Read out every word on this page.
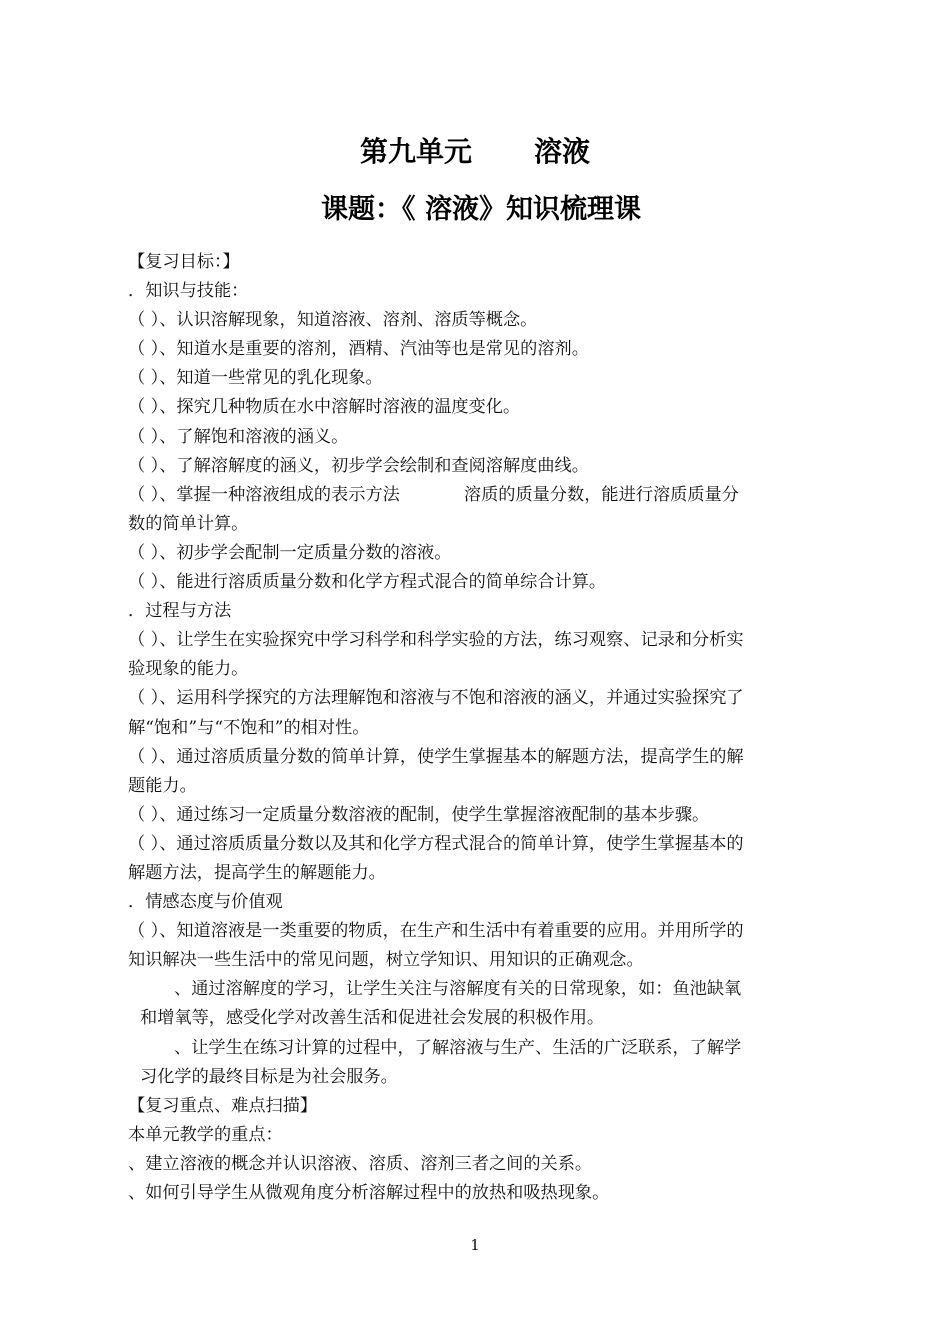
第九单元 溶液
课题：《 溶液》知识梳理课
【复习目标：】
．知识与技能：
（ ）、认识溶解现象，知道溶液、溶剂、溶质等概念。
（ ）、知道水是重要的溶剂，酒精、汽油等也是常见的溶剂。
（ ）、知道一些常见的乳化现象。
（ ）、探究几种物质在水中溶解时溶液的温度变化。
（ ）、了解饱和溶液的涵义。
（ ）、了解溶解度的涵义，初步学会绘制和查阅溶解度曲线。
（ ）、掌握一种溶液组成的表示方法	溶质的质量分数，能进行溶质质量分
数的简单计算。
（ ）、初步学会配制一定质量分数的溶液。
（ ）、能进行溶质质量分数和化学方程式混合的简单综合计算。
．过程与方法
（ ）、让学生在实验探究中学习科学和科学实验的方法，练习观察、记录和分析实
验现象的能力。
（ ）、运用科学探究的方法理解饱和溶液与不饱和溶液的涵义，并通过实验探究了
解“饱和”与“不饱和”的相对性。
（ ）、通过溶质质量分数的简单计算，使学生掌握基本的解题方法，提高学生的解
题能力。
（ ）、通过练习一定质量分数溶液的配制，使学生掌握溶液配制的基本步骤。
（ ）、通过溶质质量分数以及其和化学方程式混合的简单计算，使学生掌握基本的
解题方法，提高学生的解题能力。
．情感态度与价值观
（ ）、知道溶液是一类重要的物质，在生产和生活中有着重要的应用。并用所学的
知识解决一些生活中的常见问题，树立学知识、用知识的正确观念。
、通过溶解度的学习，让学生关注与溶解度有关的日常现象，如：鱼池缺氧
和增氧等，感受化学对改善生活和促进社会发展的积极作用。
、让学生在练习计算的过程中，了解溶液与生产、生活的广泛联系，了解学
习化学的最终目标是为社会服务。
【复习重点、难点扫描】
本单元教学的重点：
、建立溶液的概念并认识溶液、溶质、溶剂三者之间的关系。
、如何引导学生从微观角度分析溶解过程中的放热和吸热现象。
1
